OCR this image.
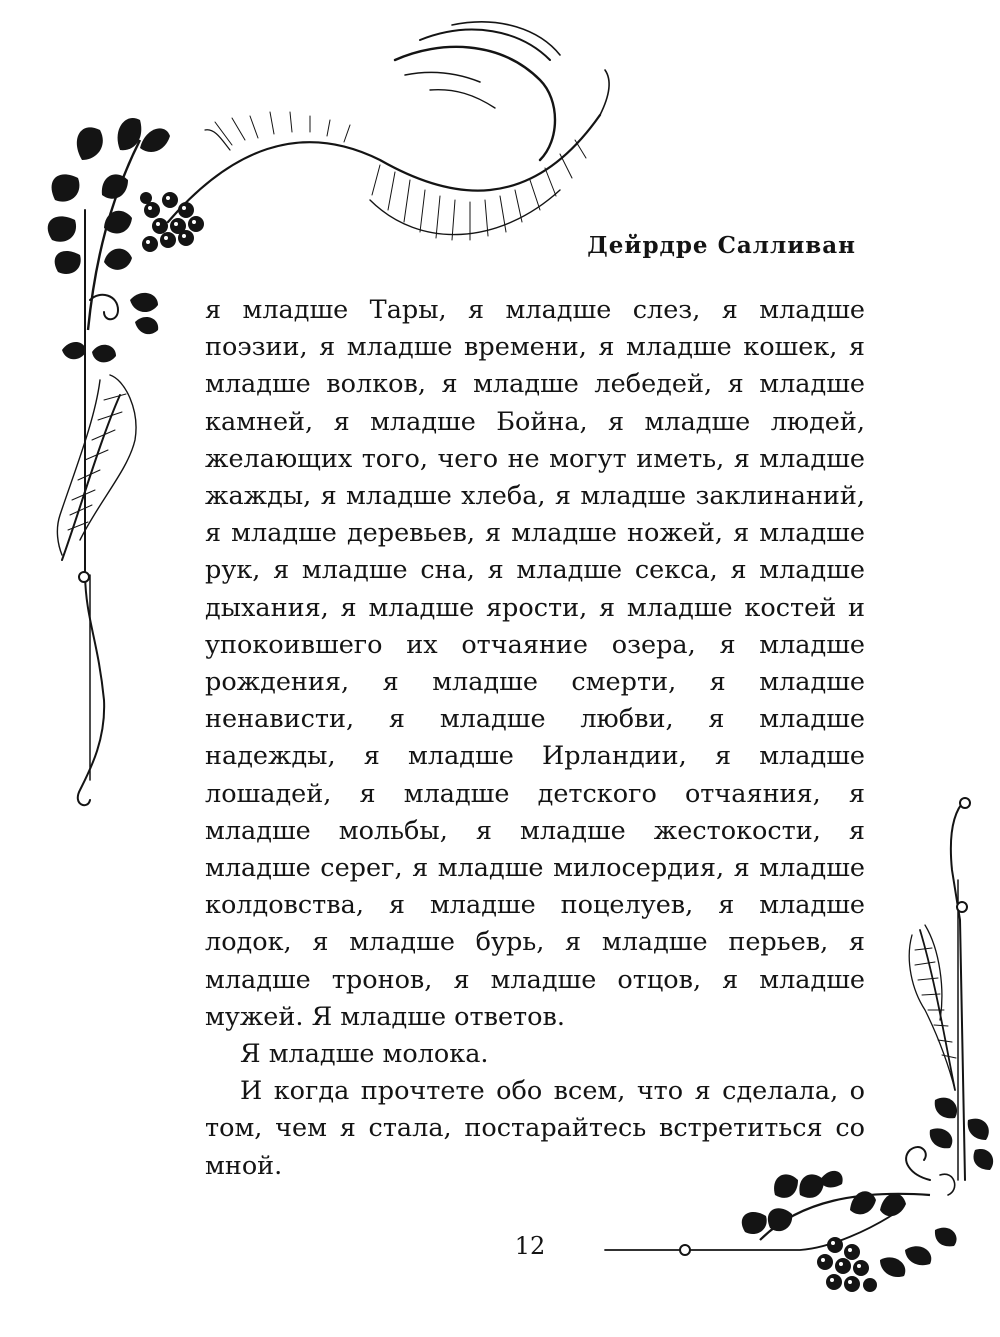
Дейрдре Салливан

я младше Тары, я младше слез, я младше поэзии, я младше времени, я младше кошек, я младше волков, я младше лебедей, я младше камней, я младше Бойна, я младше людей, желающих того, чего не могут иметь, я младше жажды, я младше хлеба, я младше заклинаний, я младше деревьев, я младше ножей, я младше рук, я младше сна, я младше секса, я младше дыхания, я младше ярости, я младше костей и упокоившего их отчаяние озера, я младше рождения, я младше смерти, я младше ненависти, я младше любви, я младше надежды, я младше Ирландии, я младше лошадей, я младше детского отчаяния, я младше мольбы, я младше жестокости, я младше серег, я младше милосердия, я младше колдовства, я младше поцелуев, я младше лодок, я младше бурь, я младше перьев, я младше тронов, я младше отцов, я младше мужей. Я младше ответов.

Я младше молока.

И когда прочтете обо всем, что я сделала, о том, чем я стала, постарайтесь встретиться со мной.

12
